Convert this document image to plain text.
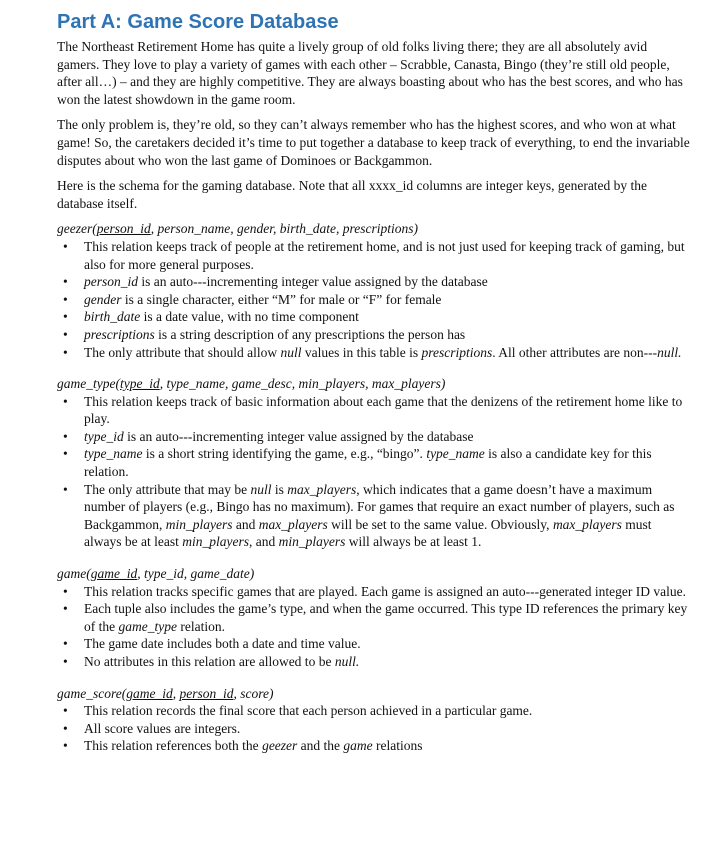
Part A: Game Score Database

The Northeast Retirement Home has quite a lively group of old folks living there; they are all absolutely avid gamers. They love to play a variety of games with each other – Scrabble, Canasta, Bingo (they’re still old people, after all…) – and they are highly competitive. They are always boasting about who has the best scores, and who has won the latest showdown in the game room.

The only problem is, they’re old, so they can’t always remember who has the highest scores, and who won at what game! So, the caretakers decided it’s time to put together a database to keep track of everything, to end the invariable disputes about who won the last game of Dominoes or Backgammon.

Here is the schema for the gaming database. Note that all xxxx_id columns are integer keys, generated by the database itself.

geezer(person_id, person_name, gender, birth_date, prescriptions)
• This relation keeps track of people at the retirement home, and is not just used for keeping track of gaming, but also for more general purposes.
• person_id is an auto---incrementing integer value assigned by the database
• gender is a single character, either “M” for male or “F” for female
• birth_date is a date value, with no time component
• prescriptions is a string description of any prescriptions the person has
• The only attribute that should allow null values in this table is prescriptions. All other attributes are non---null.
game_type(type_id, type_name, game_desc, min_players, max_players)
• This relation keeps track of basic information about each game that the denizens of the retirement home like to play.
• type_id is an auto---incrementing integer value assigned by the database
• type_name is a short string identifying the game, e.g., “bingo”. type_name is also a candidate key for this relation.
• The only attribute that may be null is max_players, which indicates that a game doesn’t have a maximum number of players (e.g., Bingo has no maximum). For games that require an exact number of players, such as Backgammon, min_players and max_players will be set to the same value. Obviously, max_players must always be at least min_players, and min_players will always be at least 1.
game(game_id, type_id, game_date)
• This relation tracks specific games that are played. Each game is assigned an auto---generated integer ID value.
• Each tuple also includes the game’s type, and when the game occurred. This type ID references the primary key of the game_type relation.
• The game date includes both a date and time value.
• No attributes in this relation are allowed to be null.
game_score(game_id, person_id, score)
• This relation records the final score that each person achieved in a particular game.
• All score values are integers.
• This relation references both the geezer and the game relations
